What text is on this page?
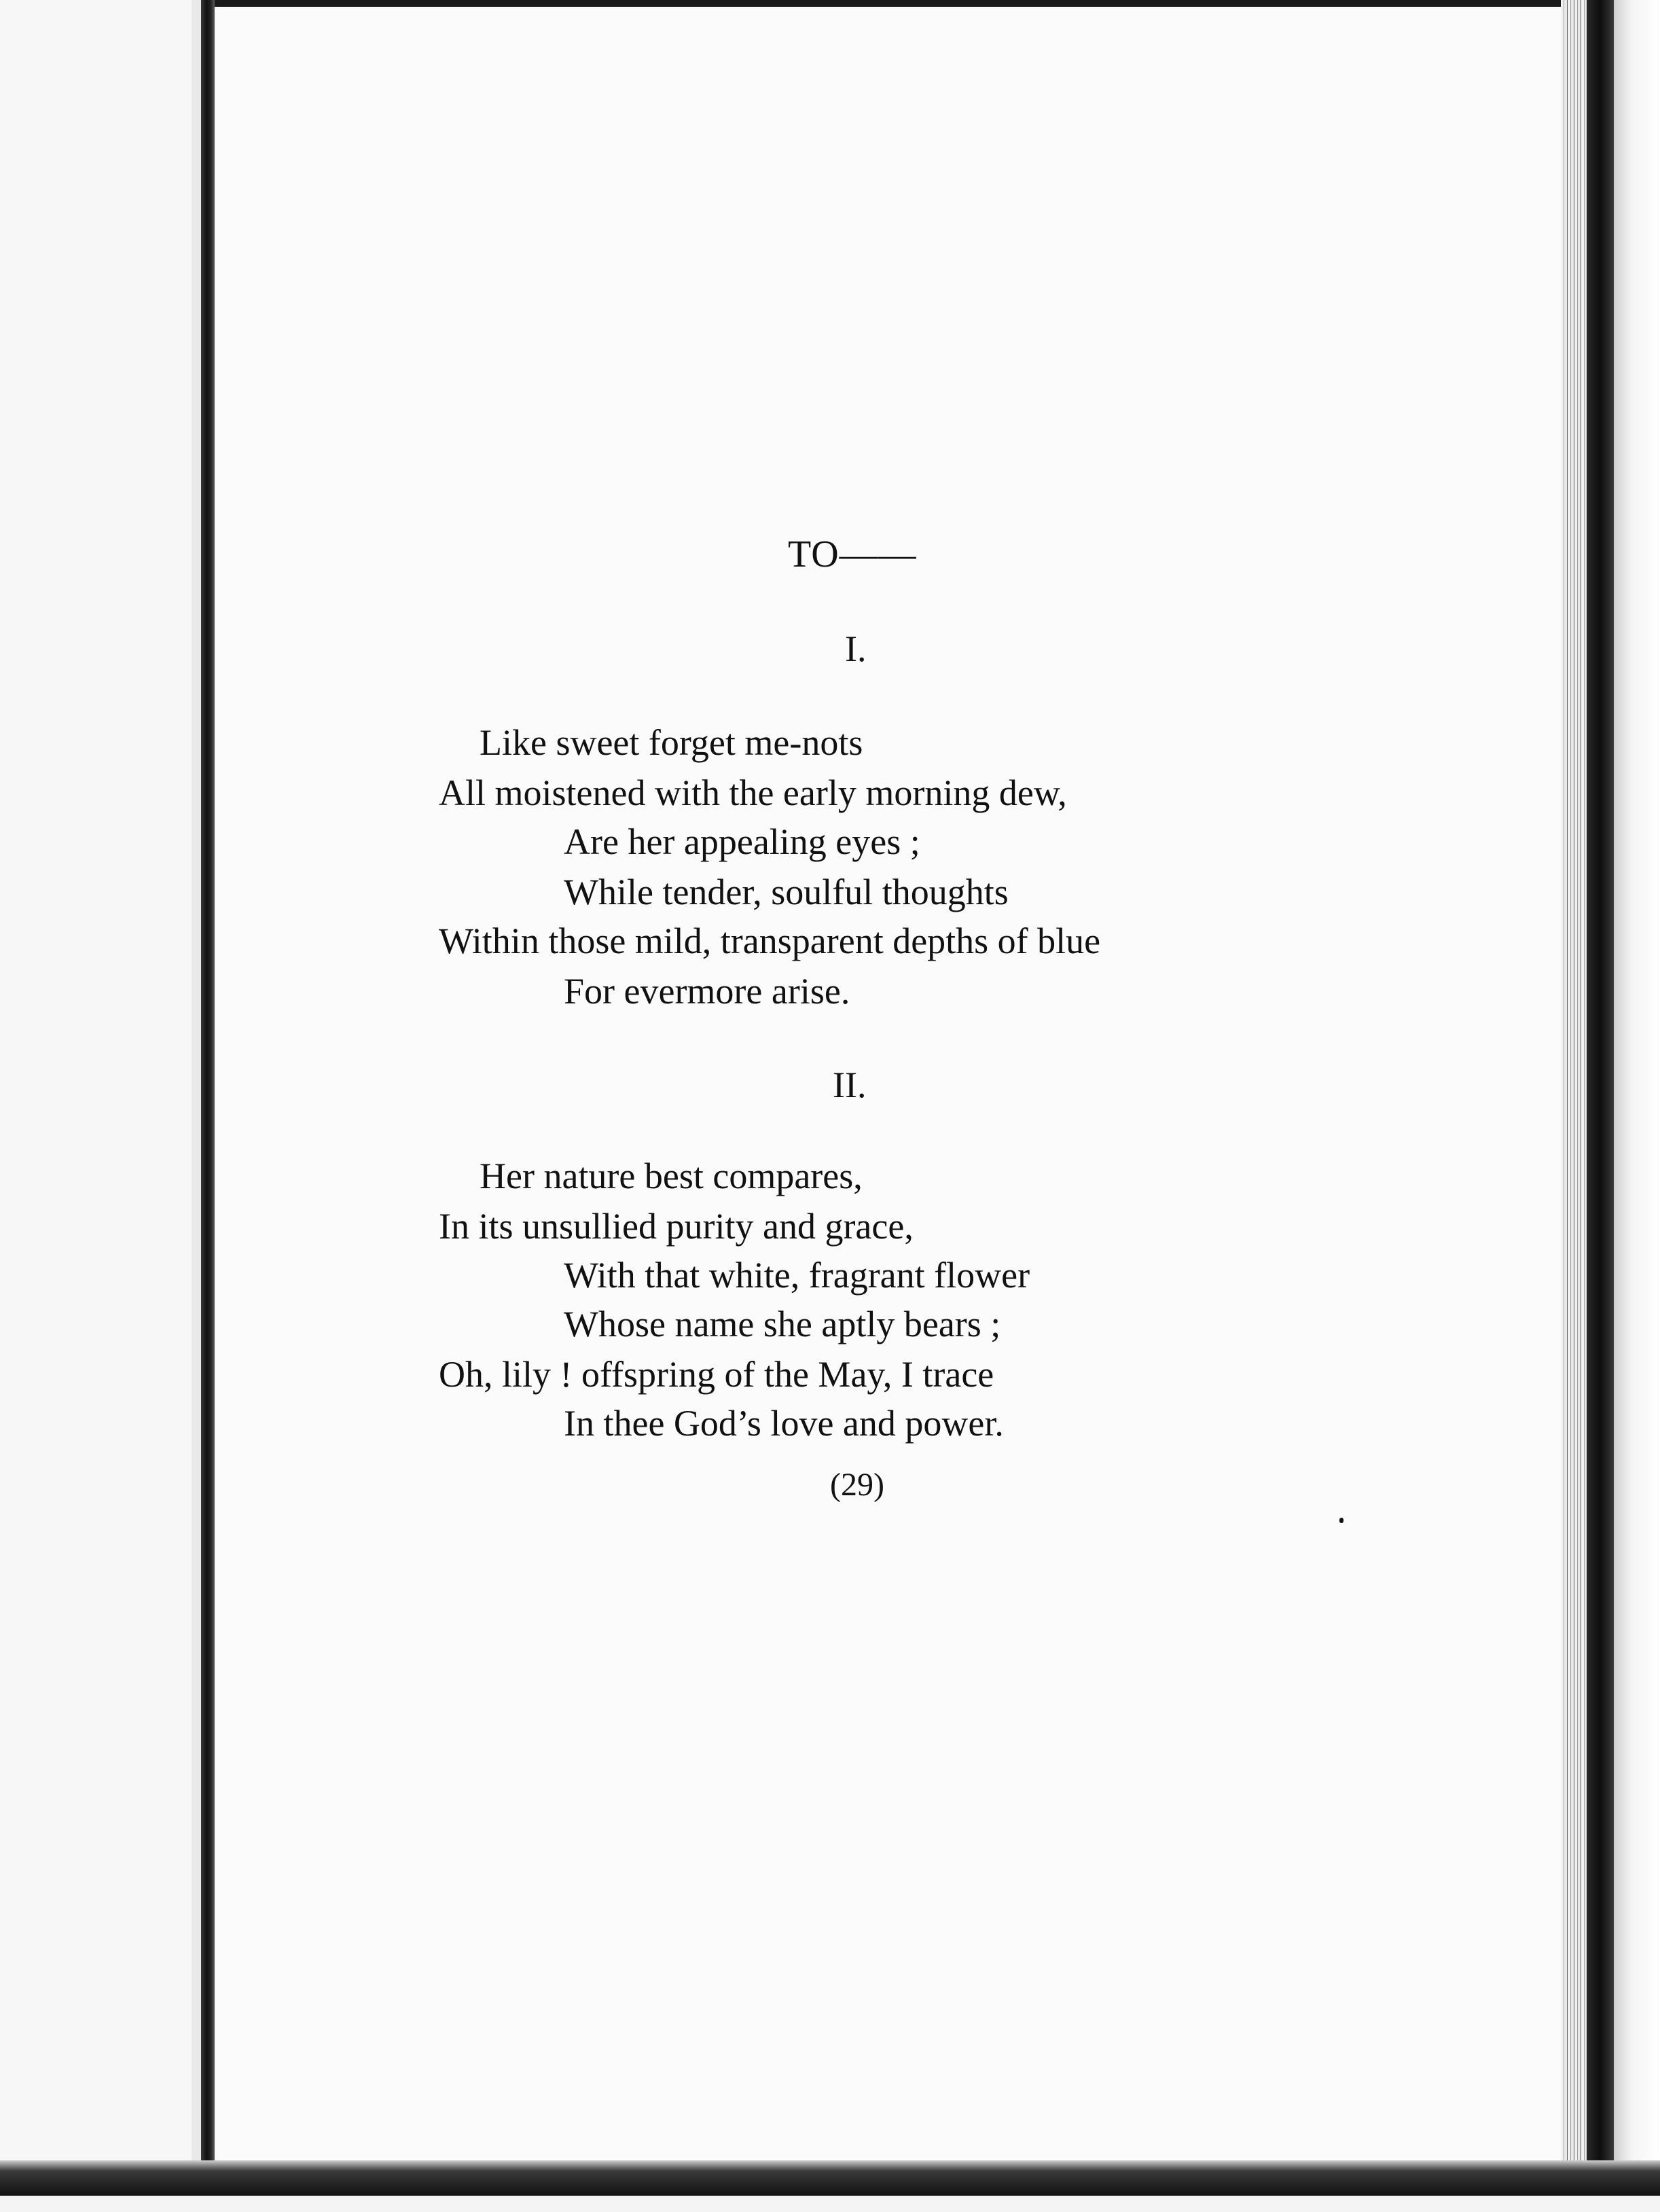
TO——
I.
Like sweet forget me-nots
All moistened with the early morning dew,
Are her appealing eyes ;
While tender, soulful thoughts
Within those mild, transparent depths of blue
For evermore arise.
II.
Her nature best compares,
In its unsullied purity and grace,
With that white, fragrant flower
Whose name she aptly bears ;
Oh, lily ! offspring of the May, I trace
In thee God’s love and power.
(29)
